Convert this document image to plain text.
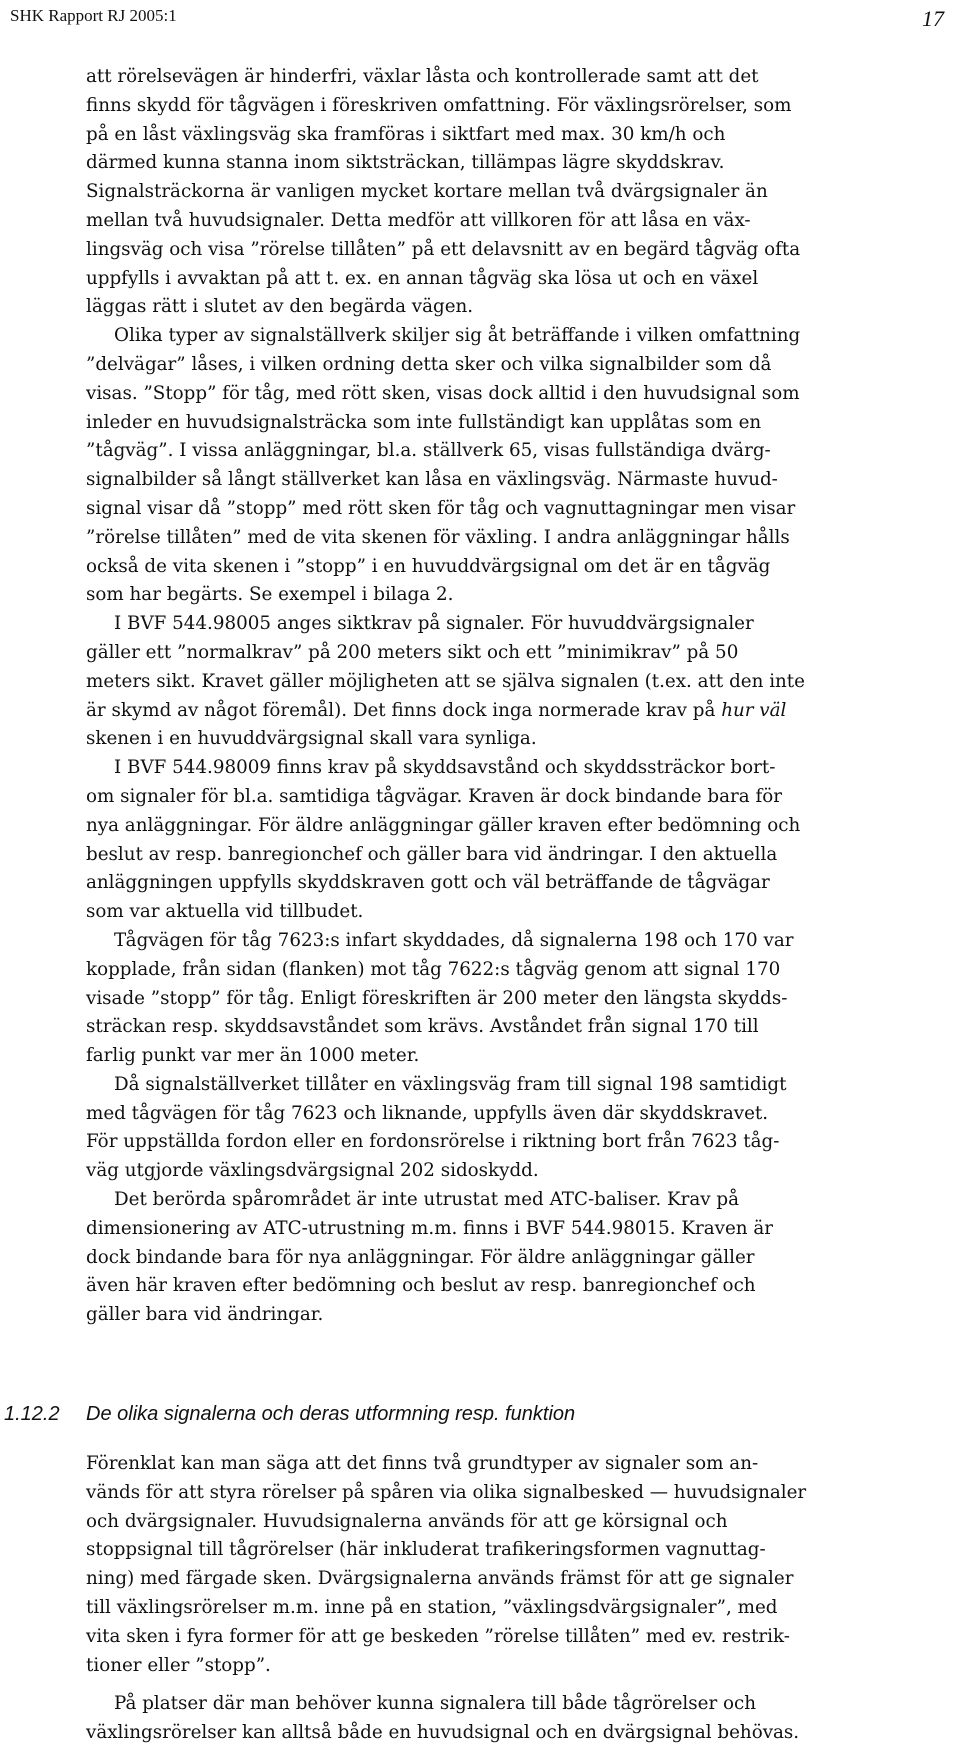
SHK Rapport RJ 2005:1	17

att rörelsevägen är hinderfri, växlar låsta och kontrollerade samt att det
finns skydd för tågvägen i föreskriven omfattning. För växlingsrörelser, som
på en låst växlingsväg ska framföras i siktfart med max. 30 km/h och
därmed kunna stanna inom siktsträckan, tillämpas lägre skyddskrav.
Signalsträckorna är vanligen mycket kortare mellan två dvärgsignaler än
mellan två huvudsignaler. Detta medför att villkoren för att låsa en väx-
lingsväg och visa ”rörelse tillåten” på ett delavsnitt av en begärd tågväg ofta
uppfylls i avvaktan på att t. ex. en annan tågväg ska lösa ut och en växel
läggas rätt i slutet av den begärda vägen.

Olika typer av signalställverk skiljer sig åt beträffande i vilken omfattning
”delvägar” låses, i vilken ordning detta sker och vilka signalbilder som då
visas. ”Stopp” för tåg, med rött sken, visas dock alltid i den huvudsignal som
inleder en huvudsignalsträcka som inte fullständigt kan upplåtas som en
”tågväg”. I vissa anläggningar, bl.a. ställverk 65, visas fullständiga dvärg-
signalbilder så långt ställverket kan låsa en växlingsväg. Närmaste huvud-
signal visar då ”stopp” med rött sken för tåg och vagnuttagningar men visar
”rörelse tillåten” med de vita skenen för växling. I andra anläggningar hålls
också de vita skenen i ”stopp” i en huvuddvärgsignal om det är en tågväg
som har begärts. Se exempel i bilaga 2.

I BVF 544.98005 anges siktkrav på signaler. För huvuddvärgsignaler
gäller ett ”normalkrav” på 200 meters sikt och ett ”minimikrav” på 50
meters sikt. Kravet gäller möjligheten att se själva signalen (t.ex. att den inte
är skymd av något föremål). Det finns dock inga normerade krav på hur väl
skenen i en huvuddvärgsignal skall vara synliga.

I BVF 544.98009 finns krav på skyddsavstånd och skyddssträckor bort-
om signaler för bl.a. samtidiga tågvägar. Kraven är dock bindande bara för
nya anläggningar. För äldre anläggningar gäller kraven efter bedömning och
beslut av resp. banregionchef och gäller bara vid ändringar. I den aktuella
anläggningen uppfylls skyddskraven gott och väl beträffande de tågvägar
som var aktuella vid tillbudet.

Tågvägen för tåg 7623:s infart skyddades, då signalerna 198 och 170 var
kopplade, från sidan (flanken) mot tåg 7622:s tågväg genom att signal 170
visade ”stopp” för tåg. Enligt föreskriften är 200 meter den längsta skydds-
sträckan resp. skyddsavståndet som krävs. Avståndet från signal 170 till
farlig punkt var mer än 1000 meter.

Då signalställverket tillåter en växlingsväg fram till signal 198 samtidigt
med tågvägen för tåg 7623 och liknande, uppfylls även där skyddskravet.
För uppställda fordon eller en fordonsrörelse i riktning bort från 7623 tåg-
väg utgjorde växlingsdvärgsignal 202 sidoskydd.

Det berörda spårområdet är inte utrustat med ATC-baliser. Krav på
dimensionering av ATC-utrustning m.m. finns i BVF 544.98015. Kraven är
dock bindande bara för nya anläggningar. För äldre anläggningar gäller
även här kraven efter bedömning och beslut av resp. banregionchef och
gäller bara vid ändringar.

1.12.2 De olika signalerna och deras utformning resp. funktion

Förenklat kan man säga att det finns två grundtyper av signaler som an-
vänds för att styra rörelser på spåren via olika signalbesked — huvudsignaler
och dvärgsignaler. Huvudsignalerna används för att ge körsignal och
stoppsignal till tågrörelser (här inkluderat trafikeringsformen vagnuttag-
ning) med färgade sken. Dvärgsignalerna används främst för att ge signaler
till växlingsrörelser m.m. inne på en station, ”växlingsdvärgsignaler”, med
vita sken i fyra former för att ge beskeden ”rörelse tillåten” med ev. restrik-
tioner eller ”stopp”.

På platser där man behöver kunna signalera till både tågrörelser och
växlingsrörelser kan alltså både en huvudsignal och en dvärgsignal behövas.
